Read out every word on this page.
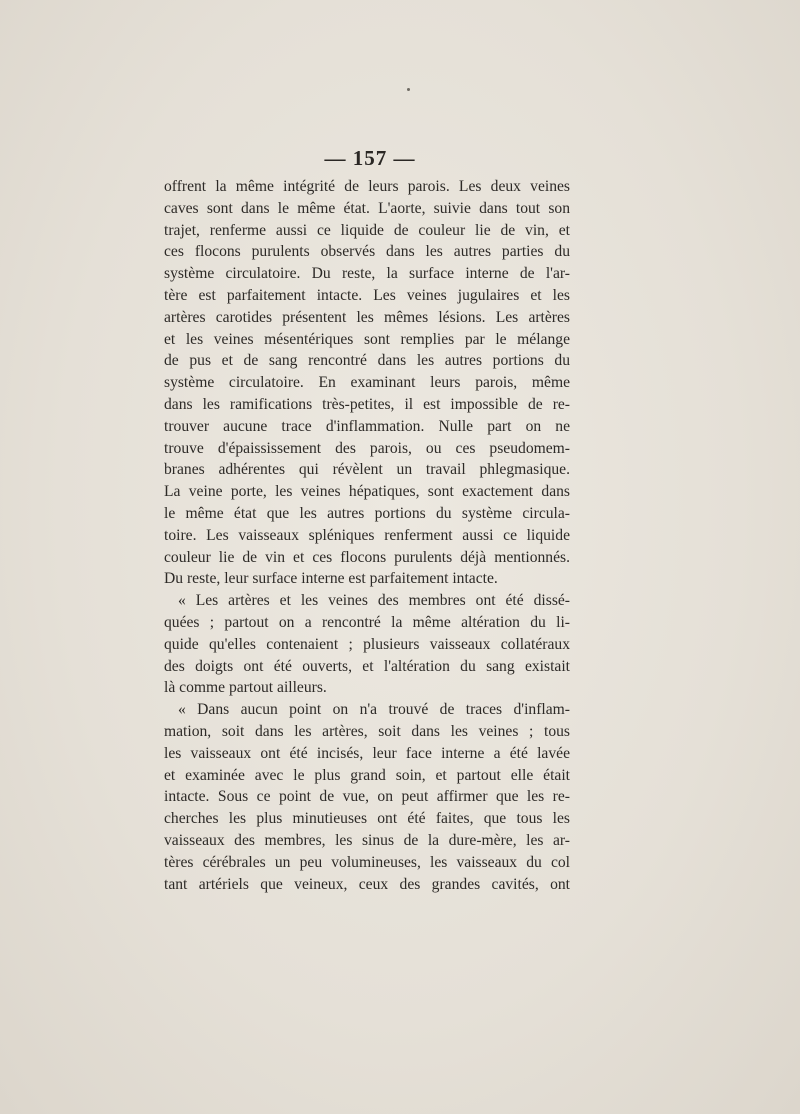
— 157 —
offrent la même intégrité de leurs parois. Les deux veines
caves sont dans le même état. L'aorte, suivie dans tout son
trajet, renferme aussi ce liquide de couleur lie de vin, et
ces flocons purulents observés dans les autres parties du
système circulatoire. Du reste, la surface interne de l'ar-
tère est parfaitement intacte. Les veines jugulaires et les
artères carotides présentent les mêmes lésions. Les artères
et les veines mésentériques sont remplies par le mélange
de pus et de sang rencontré dans les autres portions du
système circulatoire. En examinant leurs parois, même
dans les ramifications très-petites, il est impossible de re-
trouver aucune trace d'inflammation. Nulle part on ne
trouve d'épaississement des parois, ou ces pseudomem-
branes adhérentes qui révèlent un travail phlegmasique.
La veine porte, les veines hépatiques, sont exactement dans
le même état que les autres portions du système circula-
toire. Les vaisseaux spléniques renferment aussi ce liquide
couleur lie de vin et ces flocons purulents déjà mentionnés.
Du reste, leur surface interne est parfaitement intacte.
« Les artères et les veines des membres ont été dissé-
quées ; partout on a rencontré la même altération du li-
quide qu'elles contenaient ; plusieurs vaisseaux collatéraux
des doigts ont été ouverts, et l'altération du sang existait
là comme partout ailleurs.
« Dans aucun point on n'a trouvé de traces d'inflam-
mation, soit dans les artères, soit dans les veines ; tous
les vaisseaux ont été incisés, leur face interne a été lavée
et examinée avec le plus grand soin, et partout elle était
intacte. Sous ce point de vue, on peut affirmer que les re-
cherches les plus minutieuses ont été faites, que tous les
vaisseaux des membres, les sinus de la dure-mère, les ar-
tères cérébrales un peu volumineuses, les vaisseaux du col
tant artériels que veineux, ceux des grandes cavités, ont
